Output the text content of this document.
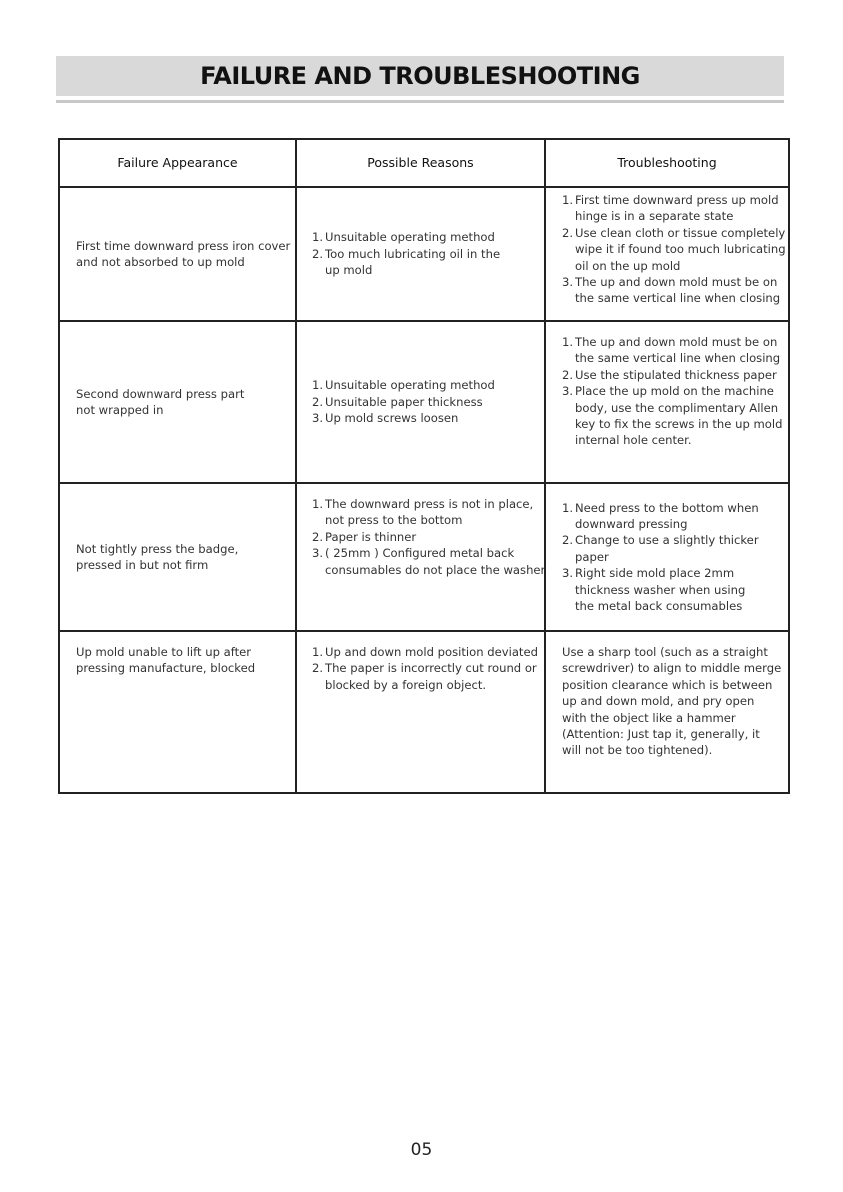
FAILURE AND TROUBLESHOOTING
Failure Appearance	Possible Reasons	Troubleshooting
First time downward press iron cover
and not absorbed to up mold
Unsuitable operating method
Too much lubricating oil in the
up mold
First time downward press up mold
hinge is in a separate state
Use clean cloth or tissue completely
wipe it if found too much lubricating
oil on the up mold
The up and down mold must be on
the same vertical line when closing
Second downward press part
not wrapped in
Unsuitable operating method
Unsuitable paper thickness
Up mold screws loosen
The up and down mold must be on
the same vertical line when closing
Use the stipulated thickness paper
Place the up mold on the machine
body, use the complimentary Allen
key to fix the screws in the up mold
internal hole center.
Not tightly press the badge,
pressed in but not firm
The downward press is not in place,
not press to the bottom
Paper is thinner
( 25mm ) Configured metal back
consumables do not place the washer
Need press to the bottom when
downward pressing
Change to use a slightly thicker
paper
Right side mold place 2mm
thickness washer when using
the metal back consumables
Up mold unable to lift up after
pressing manufacture, blocked
Up and down mold position deviated
The paper is incorrectly cut round or
blocked by a foreign object.
Use a sharp tool (such as a straight
screwdriver) to align to middle merge
position clearance which is between
up and down mold, and pry open
with the object like a hammer
(Attention: Just tap it, generally, it
will not be too tightened).
05
